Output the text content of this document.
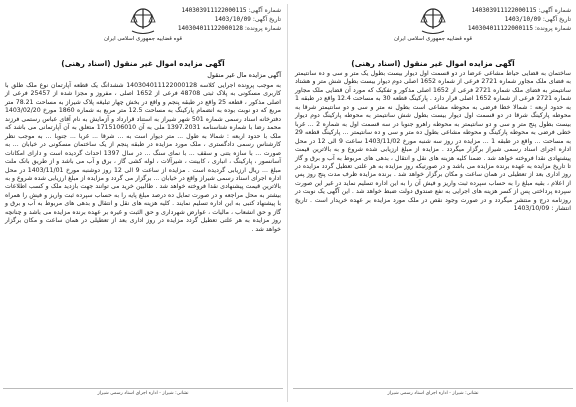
قوه قضاییه جمهوری اسلامی ایران
شماره آگهی: 140303911122000115
تاریخ آگهی: 1403/10/09
شماره پرونده: 140304011122000128
آگهی مزایده اموال غیر منقول (اسناد رهنی)
آگهی مزایده مال غیر منقول
به موجب پرونده اجرایی کلاسه 140304011122000128 ششدانگ یک قطعه آپارتمان نوع ملک طلق با کاربری مسکونی به پلاک ثبتی 48708 فرعی از 1652 اصلی ، مفروز و مجزا شده از 25457 فرعی از اصلی مذکور ، قطعه 25 واقع در طبقه پنجم و واقع در بخش چهار تبلیغه پلاک شیراز به مساحت 78.21 متر مربع که دو نوبت بوده به انضمام پارکینگ به مساحت 12.5 متر مربع به شماره 1860 مورخ 1403/02/20 دفترخانه اسناد رسمی شماره 501 شهر شیراز به استناد قرارداد و آزمایش به نام آقای عباس رستمی فرزند محمد رضا با شماره شناسنامه 1397.2031 ملی به آن 1715106010 متعلق به آن آپارتمانی می باشد که ملک با حدود اربعه : شمالا به طول ... متر دیوار است به ... شرقا ... غربا ... جنوبا ... به موجب نظر کارشناس رسمی دادگستری ، ملک مورد مزایده در طبقه پنجم از یک ساختمان مسکونی در خیابان ... به صورت ... با سازه بتنی و سقف ... با نمای سنگ ... در سال 1397 احداث گردیده است و دارای امکانات آسانسور ، پارکینگ ، انباری ، کابینت ، شیرآلات ، لوله کشی گاز ، برق و آب می باشد و از طریق بانک ملت مبلغ ... ریال ارزیابی گردیده است . مزایده از ساعت 9 الی 12 روز دوشنبه مورخ 1403/11/01 در محل اداره اجرای اسناد رسمی شیراز واقع در خیابان ... برگزار می گردد و مزایده از مبلغ ارزیابی شده شروع و به بالاترین قیمت پیشنهادی نقدا فروخته خواهد شد . طالبین خرید می توانند جهت بازدید ملک و کسب اطلاعات بیشتر به محل مراجعه و در صورت تمایل ده درصد مبلغ پایه را به حساب سپرده ثبت واریز و فیش را همراه با پیشنهاد کتبی به این اداره تسلیم نمایند . کلیه هزینه های نقل و انتقال و بدهی های مربوط به آب و برق و گاز و حق انشعاب ، مالیات ، عوارض شهرداری و حق الثبت و غیره بر عهده برنده مزایده می باشد و چنانچه روز مزایده به هر علتی تعطیل گردد مزایده در روز اداری بعد از تعطیلی در همان ساعت و مکان برگزار خواهد شد .
نشانی: شیراز - اداره اجرای اسناد رسمی شیراز
قوه قضاییه جمهوری اسلامی ایران
شماره آگهی: 140303911122000115
تاریخ آگهی: 1403/10/09
شماره پرونده: 140304011122000115
آگهی مزایده اموال غیر منقول (اسناد رهنی)
ساختمان به قضایی حیاط مشاعی عرضا در دو قسمت اول دیوار بیست بطول یک متر و سی و ده سانتیمتر به فضای ملک مجاور شماره 2721 فرعی از شماره 1652 اصلی دوم دیوار بیست بطول شش متر و هشتاد سانتیمتر به فضای ملک شماره 2721 فرعی از 1652 اصلی مذکور و تفکیک که مورد آن قضایی ملک مجاور شماره 2721 فرعی از شماره 1652 اصلی قرار دارد . پارکینگ قطعه 30 به مساحت 12.4 واقع در طبقه 1 به حدود اربعه : شمالا خطا فرضی به محوطه مشاعی است بطول نه متر و سی و دو سانتیمتر شرقا به محوطه پارکینگ شرقا در دو قسمت اول دیوار بیست بطول شش سانتیمتر به محوطه پارکینگ دوم دیوار بیست بطول پنج متر و سی و دو سانتیمتر به محوطه راهرو جنوبا در سه قسمت اول به شماره 2 ... غربا خطی فرضی به محوطه پارکینگ و محوطه مشاعی بطول ده متر و سی و ده سانتیمتر ... پارکینگ قطعه 29 به مساحت ... واقع در طبقه 1 ... مزایده در روز سه شنبه مورخ 1403/11/02 ساعت 9 الی 12 در محل اداره اجرای اسناد رسمی شیراز برگزار میگردد . مزایده از مبلغ ارزیابی شده شروع و به بالاترین قیمت پیشنهادی نقدا فروخته خواهد شد . ضمنا کلیه هزینه های نقل و انتقال ، بدهی های مربوط به آب و برق و گاز تا تاریخ مزایده به عهده برنده مزایده می باشد و در صورتیکه روز مزایده به هر علتی تعطیل گردد مزایده در روز اداری بعد از تعطیلی در همان ساعت و مکان برگزار خواهد شد . برنده مزایده ظرف مدت پنج روز پس از اعلام ، بقیه مبلغ را به حساب سپرده ثبت واریز و فیش آن را به این اداره تسلیم نماید در غیر این صورت سپرده پرداختی پس از کسر هزینه های اجرایی به نفع صندوق دولت ضبط خواهد شد . این آگهی یک نوبت در روزنامه درج و منتشر میگردد و در صورت وجود نقص در ملک مورد مزایده بر عهده خریدار است . تاریخ انتشار : 1403/10/09
نشانی: شیراز - اداره اجرای اسناد رسمی شیراز
